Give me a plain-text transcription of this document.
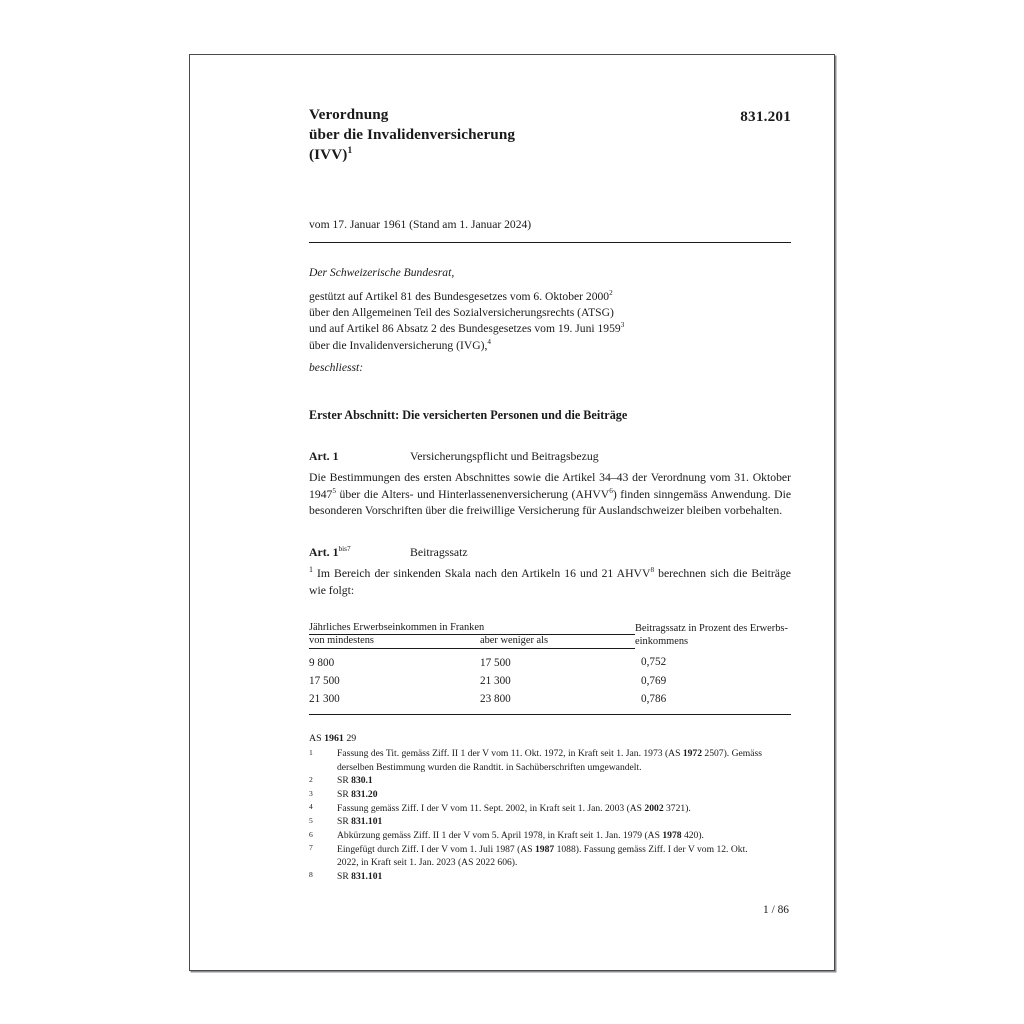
831.201
Verordnung
über die Invalidenversicherung
(IVV)$^1$
vom 17. Januar 1961 (Stand am 1. Januar 2024)
Der Schweizerische Bundesrat,
gestützt auf Artikel 81 des Bundesgesetzes vom 6. Oktober 2000$^2$
über den Allgemeinen Teil des Sozialversicherungsrechts (ATSG)
und auf Artikel 86 Absatz 2 des Bundesgesetzes vom 19. Juni 1959$^3$
über die Invalidenversicherung (IVG),$^4$
beschliesst:
Erster Abschnitt: Die versicherten Personen und die Beiträge
Art. 1	Versicherungspflicht und Beitragsbezug
Die Bestimmungen des ersten Abschnittes sowie die Artikel 34–43 der Verordnung vom 31. Oktober 1947$^5$ über die Alters- und Hinterlassenenversicherung (AHVV$^6$) finden sinngemäss Anwendung. Die besonderen Vorschriften über die freiwillige Versicherung für Auslandschweizer bleiben vorbehalten.
Art. 1$^{bis7}$	Beitragssatz
$^1$ Im Bereich der sinkenden Skala nach den Artikeln 16 und 21 AHVV$^8$ berechnen sich die Beiträge wie folgt:
Jährliches Erwerbseinkommen in Franken		Beitragssatz in Prozent des Erwerbs-
einkommens
von mindestens	aber weniger als	
9 800	17 500	0,752
17 500	21 300	0,769
21 300	23 800	0,786
AS 1961 29
1	Fassung des Tit. gemäss Ziff. II 1 der V vom 11. Okt. 1972, in Kraft seit 1. Jan. 1973 (AS 1972 2507). Gemäss derselben Bestimmung wurden die Randtit. in Sachüberschriften umgewandelt.
2	SR 830.1
3	SR 831.20
4	Fassung gemäss Ziff. I der V vom 11. Sept. 2002, in Kraft seit 1. Jan. 2003 (AS 2002 3721).
5	SR 831.101
6	Abkürzung gemäss Ziff. II 1 der V vom 5. April 1978, in Kraft seit 1. Jan. 1979 (AS 1978 420).
7	Eingefügt durch Ziff. I der V vom 1. Juli 1987 (AS 1987 1088). Fassung gemäss Ziff. I der V vom 12. Okt. 2022, in Kraft seit 1. Jan. 2023 (AS 2022 606).
8	SR 831.101
1 / 86
